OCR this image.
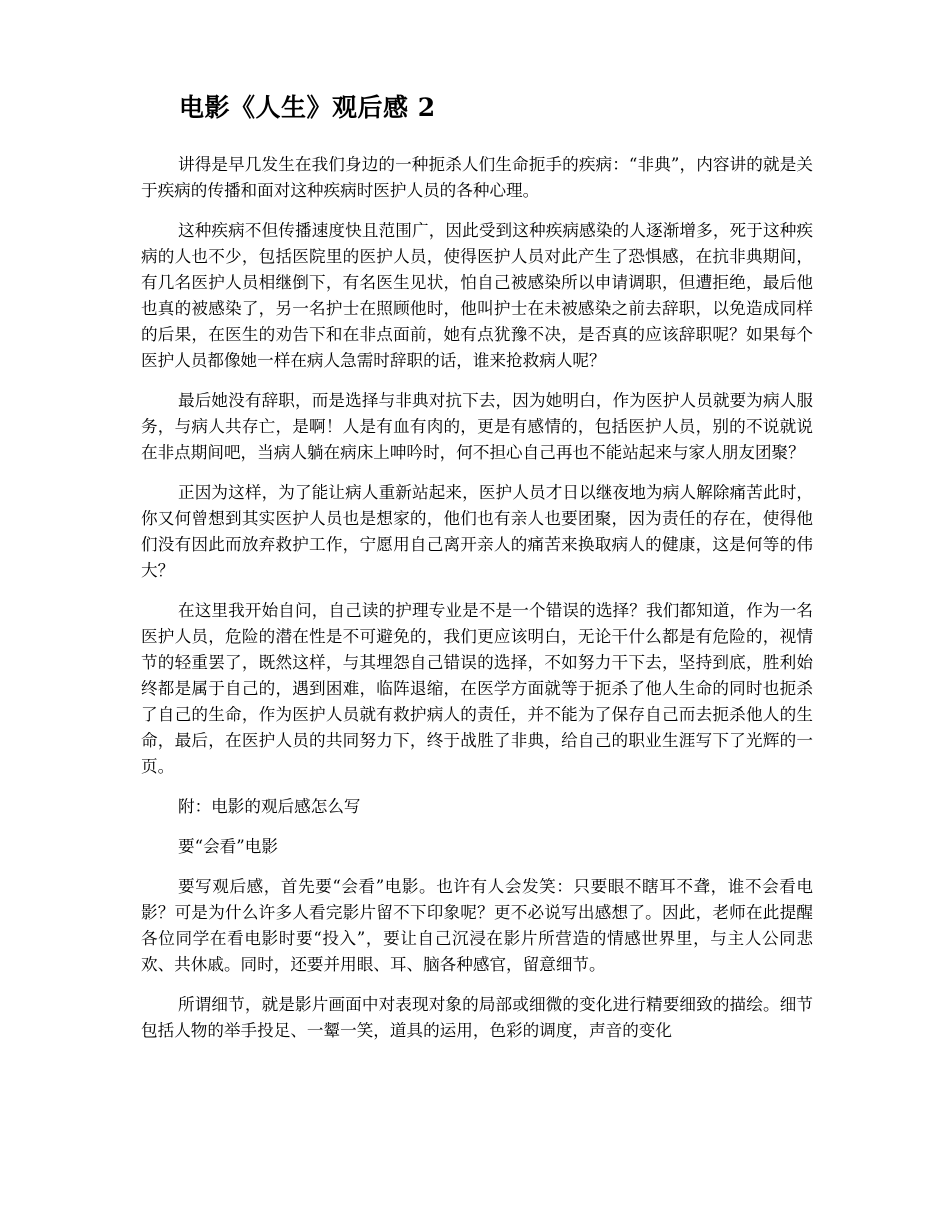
电影《人生》观后感 2

讲得是早几发生在我们身边的一种扼杀人们生命扼手的疾病：“非典”，内容讲的就是关于疾病的传播和面对这种疾病时医护人员的各种心理。

这种疾病不但传播速度快且范围广，因此受到这种疾病感染的人逐渐增多，死于这种疾病的人也不少，包括医院里的医护人员，使得医护人员对此产生了恐惧感，在抗非典期间，有几名医护人员相继倒下，有名医生见状，怕自己被感染所以申请调职，但遭拒绝，最后他也真的被感染了，另一名护士在照顾他时，他叫护士在未被感染之前去辞职，以免造成同样的后果，在医生的劝告下和在非点面前，她有点犹豫不决，是否真的应该辞职呢？如果每个医护人员都像她一样在病人急需时辞职的话，谁来抢救病人呢？

最后她没有辞职，而是选择与非典对抗下去，因为她明白，作为医护人员就要为病人服务，与病人共存亡，是啊！人是有血有肉的，更是有感情的，包括医护人员，别的不说就说在非点期间吧，当病人躺在病床上呻吟时，何不担心自己再也不能站起来与家人朋友团聚？

正因为这样，为了能让病人重新站起来，医护人员才日以继夜地为病人解除痛苦此时，你又何曾想到其实医护人员也是想家的，他们也有亲人也要团聚，因为责任的存在，使得他们没有因此而放弃救护工作，宁愿用自己离开亲人的痛苦来换取病人的健康，这是何等的伟大？

在这里我开始自问，自己读的护理专业是不是一个错误的选择？我们都知道，作为一名医护人员，危险的潜在性是不可避免的，我们更应该明白，无论干什么都是有危险的，视情节的轻重罢了，既然这样，与其埋怨自己错误的选择，不如努力干下去，坚持到底，胜利始终都是属于自己的，遇到困难，临阵退缩，在医学方面就等于扼杀了他人生命的同时也扼杀了自己的生命，作为医护人员就有救护病人的责任，并不能为了保存自己而去扼杀他人的生命，最后，在医护人员的共同努力下，终于战胜了非典，给自己的职业生涯写下了光辉的一页。

附：电影的观后感怎么写

要“会看”电影

要写观后感，首先要“会看”电影。也许有人会发笑：只要眼不瞎耳不聋，谁不会看电影？可是为什么许多人看完影片留不下印象呢？更不必说写出感想了。因此，老师在此提醒各位同学在看电影时要“投入”，要让自己沉浸在影片所营造的情感世界里，与主人公同悲欢、共休戚。同时，还要并用眼、耳、脑各种感官，留意细节。

所谓细节，就是影片画面中对表现对象的局部或细微的变化进行精要细致的描绘。细节包括人物的举手投足、一颦一笑，道具的运用，色彩的调度，声音的变化
